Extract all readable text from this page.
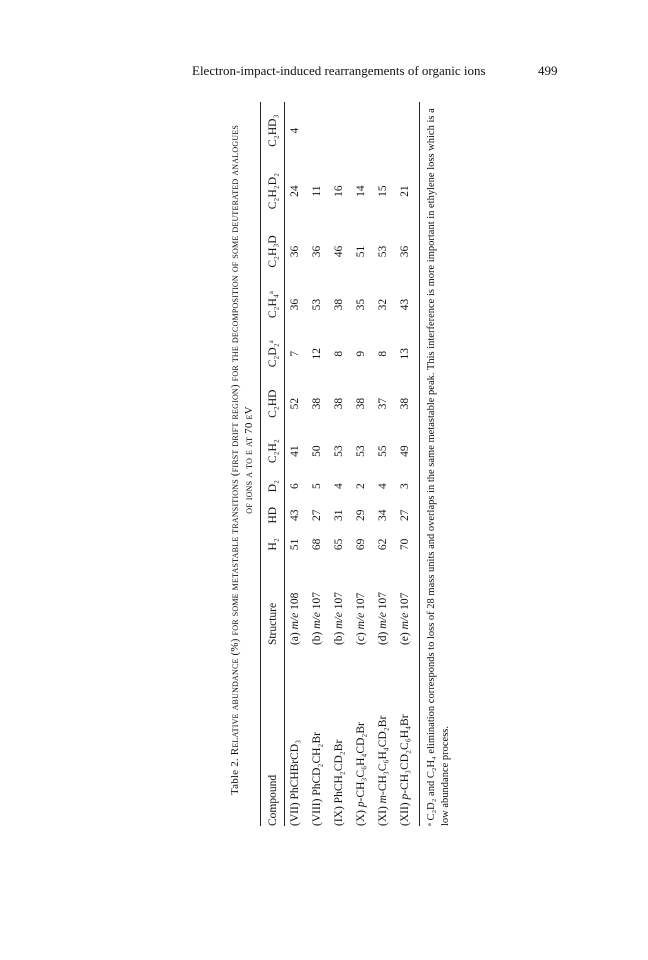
Electron-impact-induced rearrangements of organic ions	499
Table 2. Relative abundance (%) for some metastable transitions (first drift region) for the decomposition of some deuterated analogues of ions a to e at 70 eV
Compound	Structure	H₂	HD	D₂	C₂H₂	C₂HD	C₂D₂ᵃ	C₂H₄ᵃ	C₂H₃D	C₂H₂D₂	C₂HD₃
(VII) PhCHBrCD₃	(a) m/e 108	51	43	6	41	52	7	36	36	24	4
(VIII) PhCD₂CH₂Br	(b) m/e 107	68	27	5	50	38	12	53	36	11	
(IX) PhCH₂CD₂Br	(b) m/e 107	65	31	4	53	38	8	38	46	16	
(X) p-CH₃C₆H₄CD₂Br	(c) m/e 107	69	29	2	53	38	9	35	51	14	
(XI) m-CH₃C₆H₄CD₂Br	(d) m/e 107	62	34	4	55	37	8	32	53	15	
(XII) p-CH₃CD₂C₆H₄Br	(e) m/e 107	70	27	3	49	38	13	43	36	21	ᵃ C₂D₂ and C₂H₄ elimination corresponds to loss of 28 mass units and overlaps in the same metastable peak. This interference is more important in ethylene loss which is a low abundance process.
